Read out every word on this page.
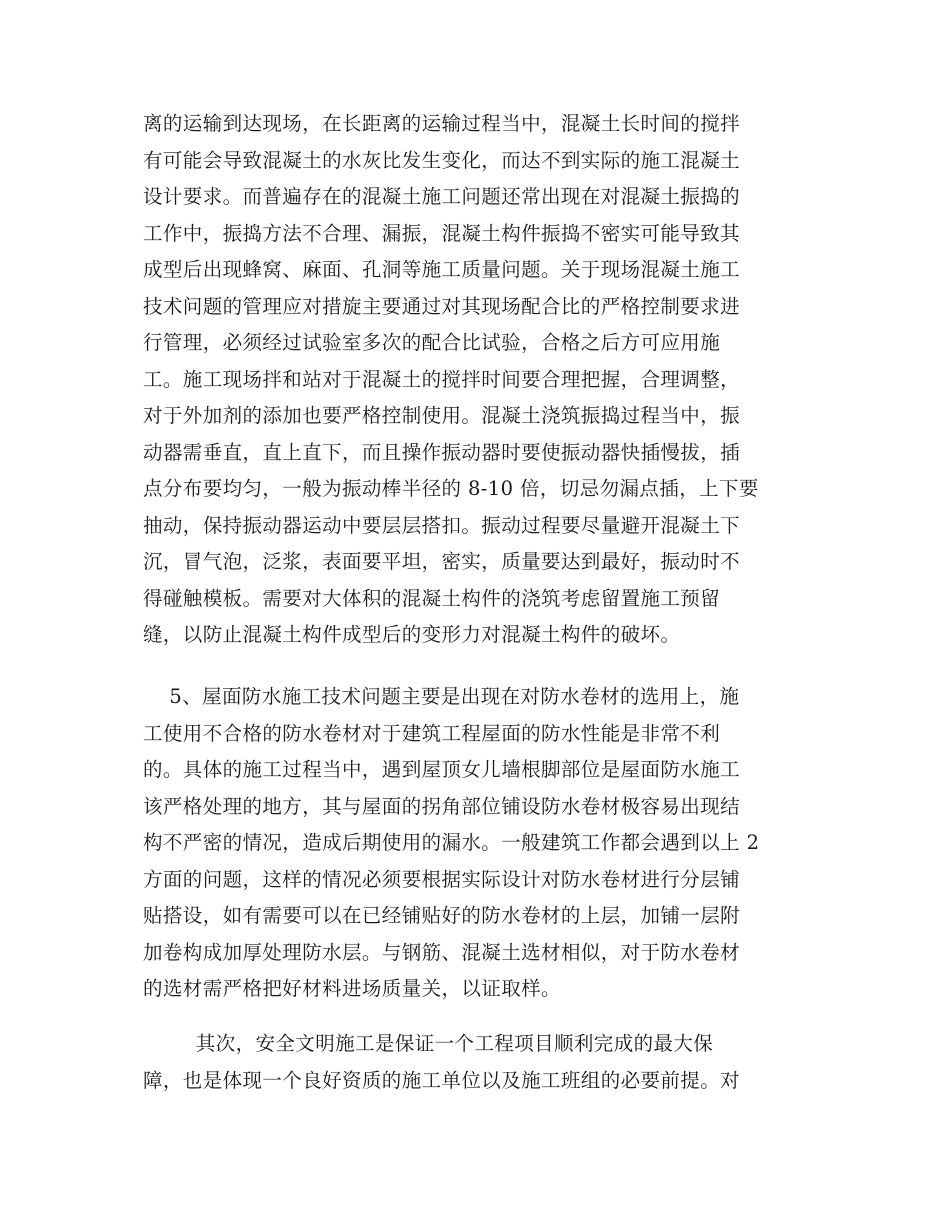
离的运输到达现场，在长距离的运输过程当中，混凝土长时间的搅拌
有可能会导致混凝土的水灰比发生变化，而达不到实际的施工混凝土
设计要求。而普遍存在的混凝土施工问题还常出现在对混凝土振捣的
工作中，振捣方法不合理、漏振，混凝土构件振捣不密实可能导致其
成型后出现蜂窝、麻面、孔洞等施工质量问题。关于现场混凝土施工
技术问题的管理应对措旋主要通过对其现场配合比的严格控制要求进
行管理，必须经过试验室多次的配合比试验，合格之后方可应用施
工。施工现场拌和站对于混凝土的搅拌时间要合理把握，合理调整，
对于外加剂的添加也要严格控制使用。混凝土浇筑振捣过程当中，振
动器需垂直，直上直下，而且操作振动器时要使振动器快插慢拔，插
点分布要均匀，一般为振动棒半径的 8-10 倍，切忌勿漏点插，上下要
抽动，保持振动器运动中要层层搭扣。振动过程要尽量避开混凝土下
沉，冒气泡，泛浆，表面要平坦，密实，质量要达到最好，振动时不
得碰触模板。需要对大体积的混凝土构件的浇筑考虑留置施工预留
缝，以防止混凝土构件成型后的变形力对混凝土构件的破坏。

5、屋面防水施工技术问题主要是出现在对防水卷材的选用上，施
工使用不合格的防水卷材对于建筑工程屋面的防水性能是非常不利
的。具体的施工过程当中，遇到屋顶女儿墙根脚部位是屋面防水施工
该严格处理的地方，其与屋面的拐角部位铺设防水卷材极容易出现结
构不严密的情况，造成后期使用的漏水。一般建筑工作都会遇到以上 2
方面的问题，这样的情况必须要根据实际设计对防水卷材进行分层铺
贴搭设，如有需要可以在已经铺贴好的防水卷材的上层，加铺一层附
加卷构成加厚处理防水层。与钢筋、混凝土选材相似，对于防水卷材
的选材需严格把好材料进场质量关，以证取样。

其次，安全文明施工是保证一个工程项目顺利完成的最大保
障，也是体现一个良好资质的施工单位以及施工班组的必要前提。对
